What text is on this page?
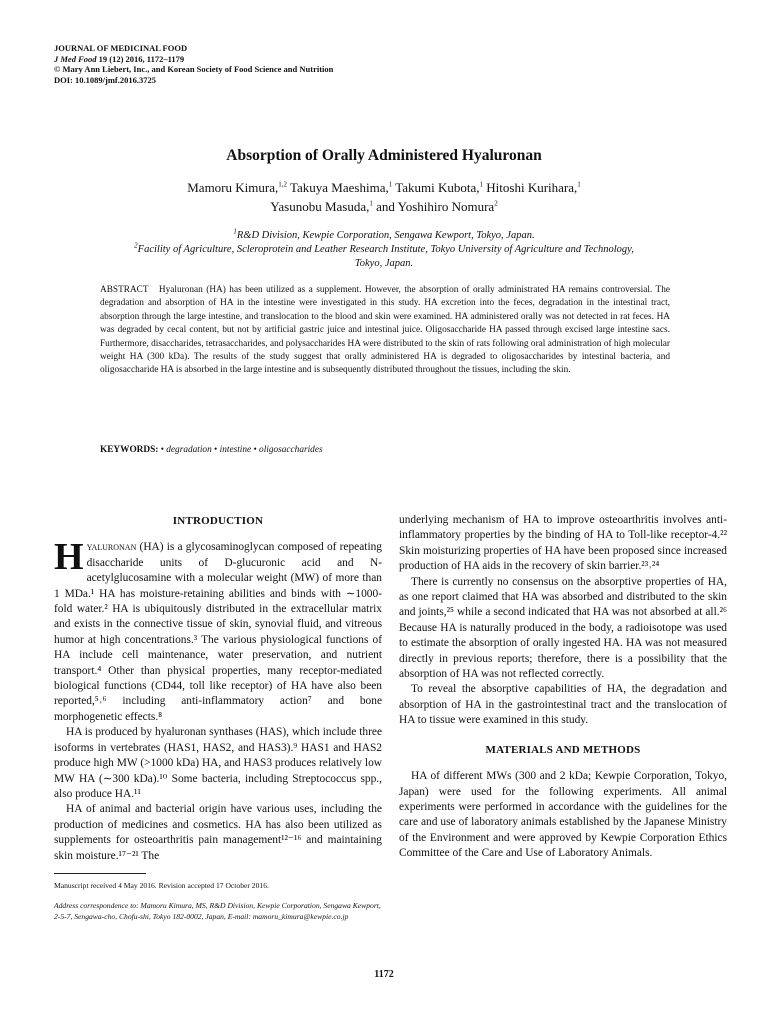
JOURNAL OF MEDICINAL FOOD
J Med Food 19 (12) 2016, 1172–1179
© Mary Ann Liebert, Inc., and Korean Society of Food Science and Nutrition
DOI: 10.1089/jmf.2016.3725
Absorption of Orally Administered Hyaluronan
Mamoru Kimura,$^{1,2}$ Takuya Maeshima,$^1$ Takumi Kubota,$^1$ Hitoshi Kurihara,$^1$
Yasunobu Masuda,$^1$ and Yoshihiro Nomura$^2$
$^1$R&D Division, Kewpie Corporation, Sengawa Kewport, Tokyo, Japan.
$^2$Facility of Agriculture, Scleroprotein and Leather Research Institute, Tokyo University of Agriculture and Technology, Tokyo, Japan.
ABSTRACT Hyaluronan (HA) has been utilized as a supplement. However, the absorption of orally administrated HA remains controversial. The degradation and absorption of HA in the intestine were investigated in this study. HA excretion into the feces, degradation in the intestinal tract, absorption through the large intestine, and translocation to the blood and skin were examined. HA administered orally was not detected in rat feces. HA was degraded by cecal content, but not by artificial gastric juice and intestinal juice. Oligosaccharide HA passed through excised large intestine sacs. Furthermore, disaccharides, tetrasaccharides, and polysaccharides HA were distributed to the skin of rats following oral administration of high molecular weight HA (300 kDa). The results of the study suggest that orally administered HA is degraded to oligosaccharides by intestinal bacteria, and oligosaccharide HA is absorbed in the large intestine and is subsequently distributed throughout the tissues, including the skin.
KEYWORDS: • degradation • intestine • oligosaccharides
INTRODUCTION

Hyaluronan (HA) is a glycosaminoglycan composed of repeating disaccharide units of D-glucuronic acid and N-acetylglucosamine with a molecular weight (MW) of more than 1 MDa.¹ HA has moisture-retaining abilities and binds with ∼1000-fold water.² HA is ubiquitously distributed in the extracellular matrix and exists in the connective tissue of skin, synovial fluid, and vitreous humor at high concentrations.³ The various physiological functions of HA include cell maintenance, water preservation, and nutrient transport.⁴ Other than physical properties, many receptor-mediated biological functions (CD44, toll like receptor) of HA have also been reported,⁵˒⁶ including anti-inflammatory action⁷ and bone morphogenetic effects.⁸

HA is produced by hyaluronan synthases (HAS), which include three isoforms in vertebrates (HAS1, HAS2, and HAS3).⁹ HAS1 and HAS2 produce high MW (>1000 kDa) HA, and HAS3 produces relatively low MW HA (∼300 kDa).¹⁰ Some bacteria, including Streptococcus spp., also produce HA.¹¹

HA of animal and bacterial origin have various uses, including the production of medicines and cosmetics. HA has also been utilized as supplements for osteoarthritis pain management¹²⁻¹⁶ and maintaining skin moisture.¹⁷⁻²¹ The

underlying mechanism of HA to improve osteoarthritis involves anti-inflammatory properties by the binding of HA to Toll-like receptor-4.²² Skin moisturizing properties of HA have been proposed since increased production of HA aids in the recovery of skin barrier.²³˒²⁴

There is currently no consensus on the absorptive properties of HA, as one report claimed that HA was absorbed and distributed to the skin and joints,²⁵ while a second indicated that HA was not absorbed at all.²⁶ Because HA is naturally produced in the body, a radioisotope was used to estimate the absorption of orally ingested HA. HA was not measured directly in previous reports; therefore, there is a possibility that the absorption of HA was not reflected correctly.

To reveal the absorptive capabilities of HA, the degradation and absorption of HA in the gastrointestinal tract and the translocation of HA to tissue were examined in this study.

MATERIALS AND METHODS

HA of different MWs (300 and 2 kDa; Kewpie Corporation, Tokyo, Japan) were used for the following experiments. All animal experiments were performed in accordance with the guidelines for the care and use of laboratory animals established by the Japanese Ministry of the Environment and were approved by Kewpie Corporation Ethics Committee of the Care and Use of Laboratory Animals.

Manuscript received 4 May 2016. Revision accepted 17 October 2016.
Address correspondence to: Mamoru Kimura, MS, R&D Division, Kewpie Corporation, Sengawa Kewport, 2-5-7, Sengawa-cho, Chofu-shi, Tokyo 182-0002, Japan, E-mail: mamoru_kimura@kewpie.co.jp
1172
